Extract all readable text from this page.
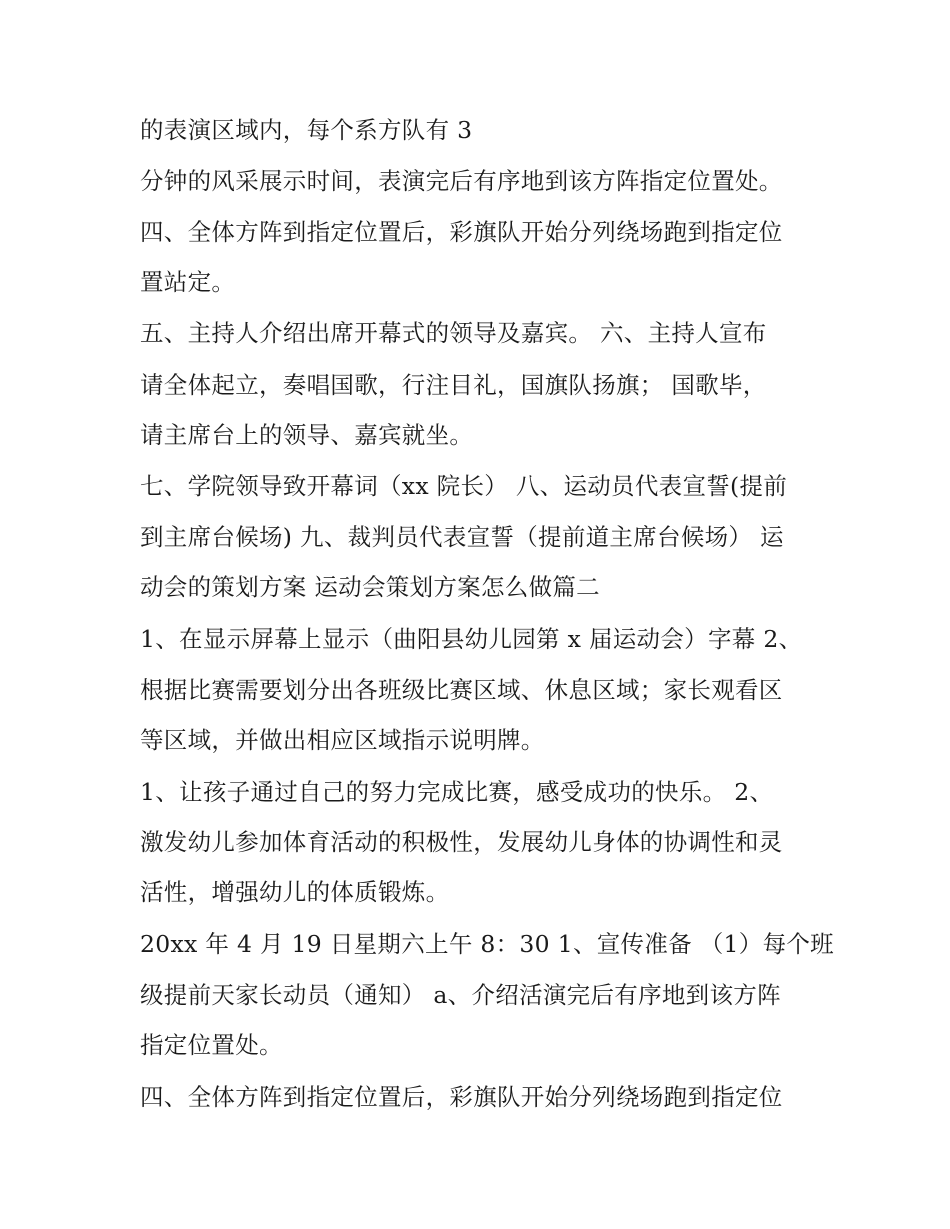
的表演区域内，每个系方队有 3
分钟的风采展示时间，表演完后有序地到该方阵指定位置处。
四、全体方阵到指定位置后，彩旗队开始分列绕场跑到指定位
置站定。
五、主持人介绍出席开幕式的领导及嘉宾。 六、主持人宣布
请全体起立，奏唱国歌，行注目礼，国旗队扬旗； 国歌毕，
请主席台上的领导、嘉宾就坐。
七、学院领导致开幕词（xx 院长） 八、运动员代表宣誓(提前
到主席台候场) 九、裁判员代表宣誓（提前道主席台候场） 运
动会的策划方案 运动会策划方案怎么做篇二
1、在显示屏幕上显示（曲阳县幼儿园第 x 届运动会）字幕 2、
根据比赛需要划分出各班级比赛区域、休息区域；家长观看区
等区域，并做出相应区域指示说明牌。
1、让孩子通过自己的努力完成比赛，感受成功的快乐。 2、
激发幼儿参加体育活动的积极性，发展幼儿身体的协调性和灵
活性，增强幼儿的体质锻炼。
20xx 年 4 月 19 日星期六上午 8：30 1、宣传准备 （1）每个班
级提前天家长动员（通知） a、介绍活演完后有序地到该方阵
指定位置处。
四、全体方阵到指定位置后，彩旗队开始分列绕场跑到指定位
